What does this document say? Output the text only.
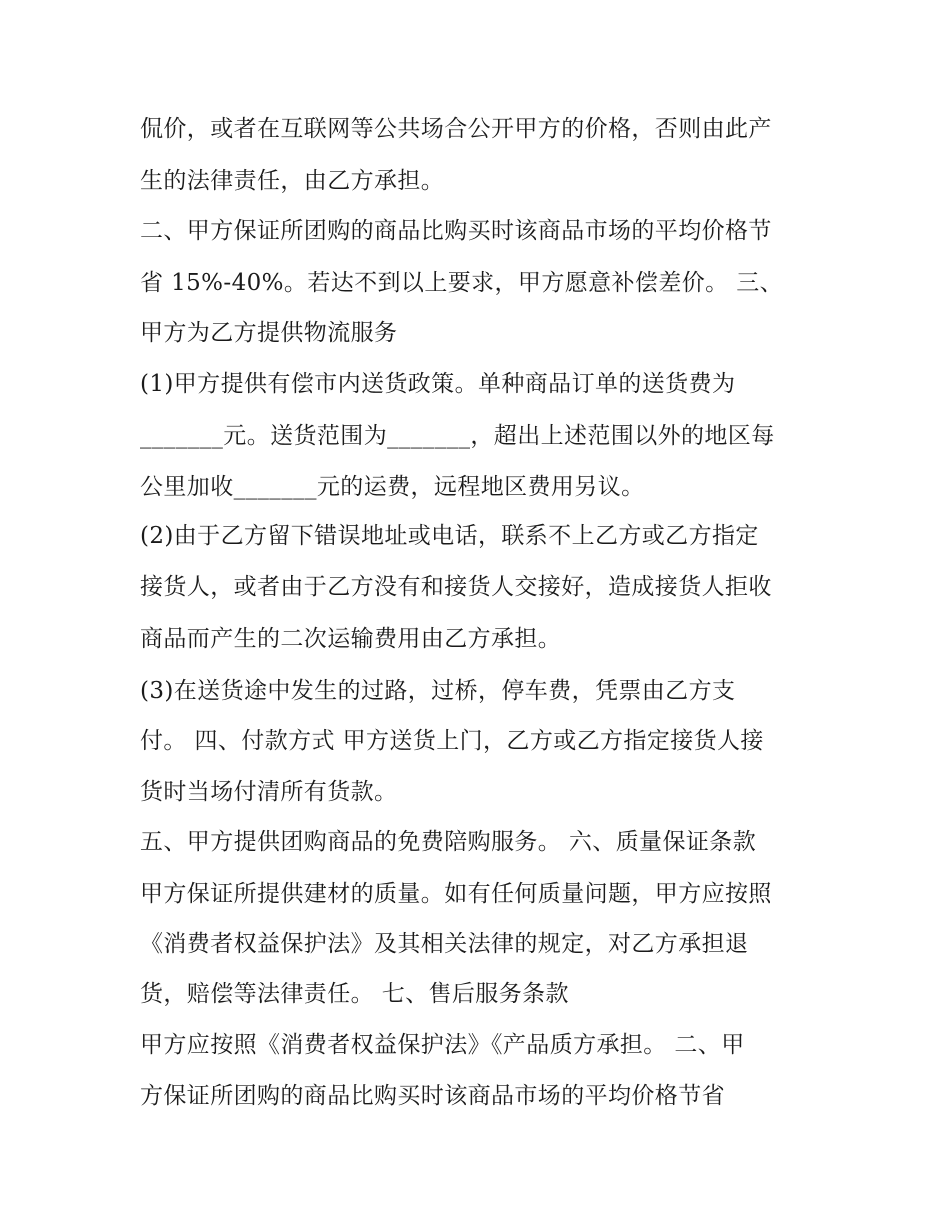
侃价，或者在互联网等公共场合公开甲方的价格，否则由此产

生的法律责任，由乙方承担。

二、甲方保证所团购的商品比购买时该商品市场的平均价格节

省 15%-40%。若达不到以上要求，甲方愿意补偿差价。 三、

甲方为乙方提供物流服务

(1)甲方提供有偿市内送货政策。单种商品订单的送货费为

_______元。送货范围为_______，超出上述范围以外的地区每

公里加收_______元的运费，远程地区费用另议。

(2)由于乙方留下错误地址或电话，联系不上乙方或乙方指定

接货人，或者由于乙方没有和接货人交接好，造成接货人拒收

商品而产生的二次运输费用由乙方承担。

(3)在送货途中发生的过路，过桥，停车费，凭票由乙方支

付。 四、付款方式 甲方送货上门，乙方或乙方指定接货人接

货时当场付清所有货款。

五、甲方提供团购商品的免费陪购服务。 六、质量保证条款

甲方保证所提供建材的质量。如有任何质量问题，甲方应按照

《消费者权益保护法》及其相关法律的规定，对乙方承担退

货，赔偿等法律责任。 七、售后服务条款

甲方应按照《消费者权益保护法》《产品质方承担。 二、甲

方保证所团购的商品比购买时该商品市场的平均价格节省
